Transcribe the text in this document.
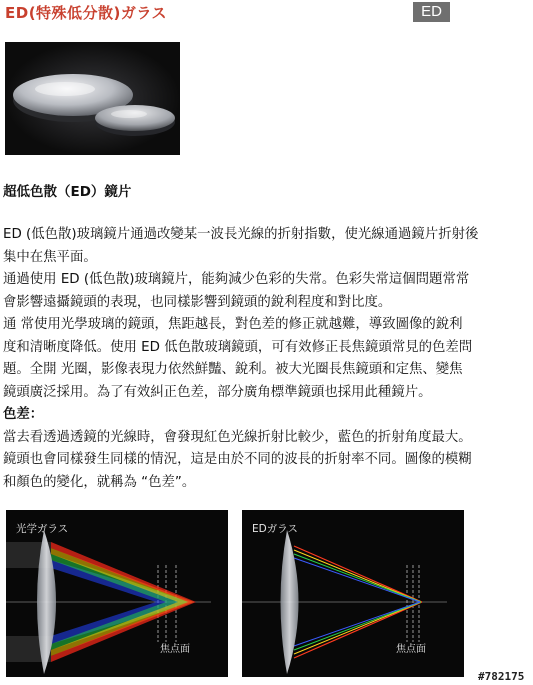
ED(特殊低分散)ガラス	ED
超低色散（ED）鏡片

ED (低色散)玻璃鏡片通過改變某一波長光線的折射指數，使光線通過鏡片折射後

集中在焦平面。

通過使用 ED (低色散)玻璃鏡片，能夠減少色彩的失常。色彩失常這個問題常常

會影響遠攝鏡頭的表現，也同樣影響到鏡頭的銳利程度和對比度。

通 常使用光學玻璃的鏡頭，焦距越長，對色差的修正就越難，導致圖像的銳利

度和清晰度降低。使用 ED 低色散玻璃鏡頭，可有效修正長焦鏡頭常見的色差問

題。全開 光圈，影像表現力依然鮮豔、銳利。被大光圈長焦鏡頭和定焦、變焦

鏡頭廣泛採用。為了有效糾正色差，部分廣角標準鏡頭也採用此種鏡片。

色差：

當去看透過透鏡的光線時，會發現紅色光線折射比較少，藍色的折射角度最大。

鏡頭也會同樣發生同樣的情況，這是由於不同的波長的折射率不同。圖像的模糊

和顏色的變化，就稱為 “色差”。

光学ガラス
焦点面
EDガラス
焦点面
#782175
